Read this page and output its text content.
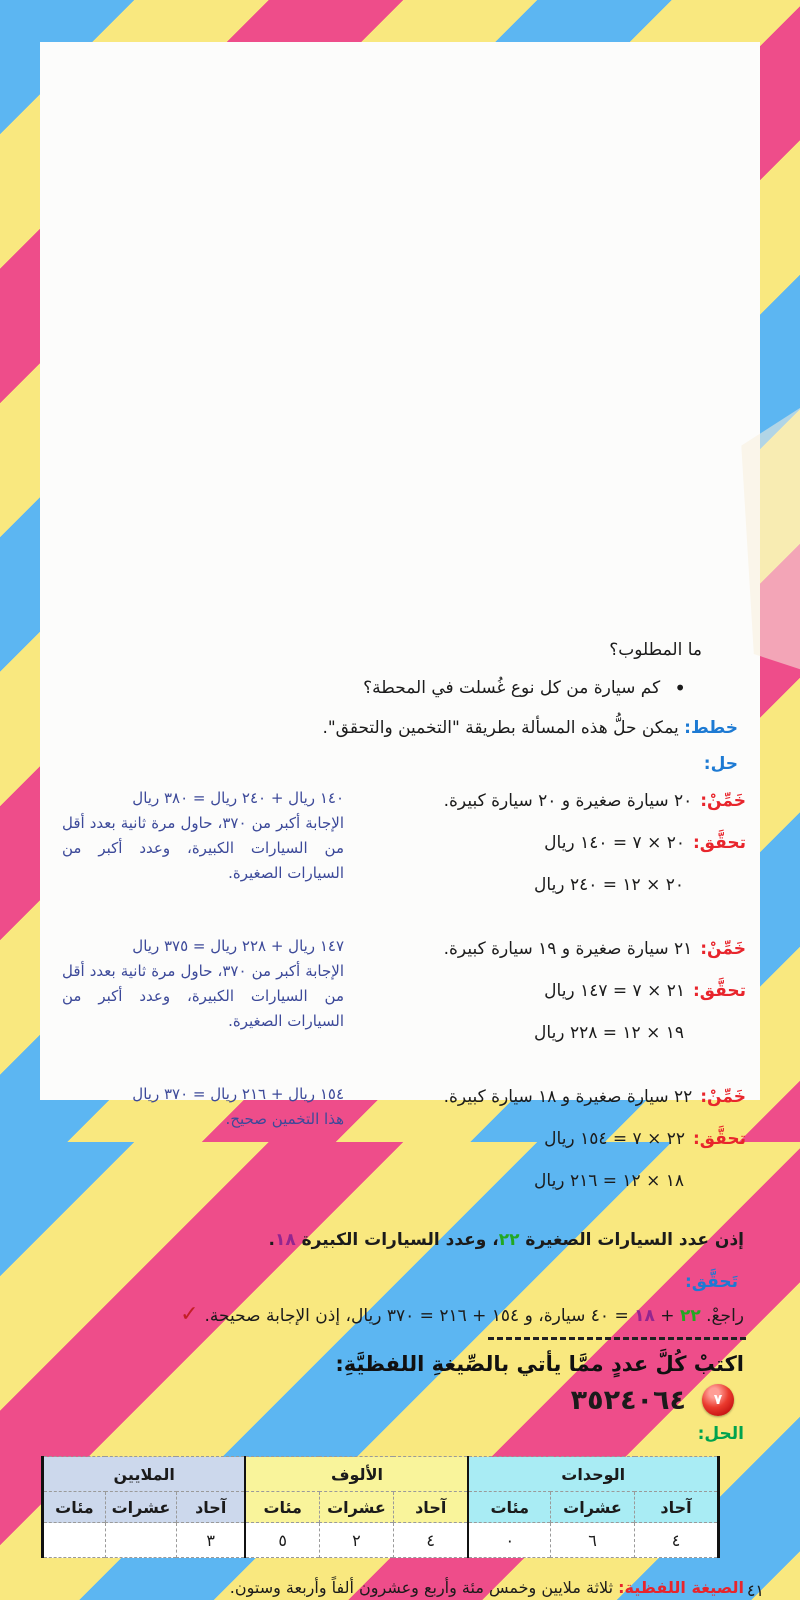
ما المطلوب؟
•كم سيارة من كل نوع غُسلت في المحطة؟
خطط: يمكن حلُّ هذه المسألة بطريقة "التخمين والتحقق".
حل:
خَمِّنْ:٢٠ سيارة صغيرة و ٢٠ سيارة كبيرة.
تحقَّق:٢٠ × ٧ = ١٤٠ ريال
٢٠ × ١٢ = ٢٤٠ ريال
١٤٠ ريال + ٢٤٠ ريال = ٣٨٠ ريال
الإجابة أكبر من ٣٧٠، حاول مرة ثانية بعدد أقل من السيارات الكبيرة، وعدد أكبر من السيارات الصغيرة.
خَمِّنْ:٢١ سيارة صغيرة و ١٩ سيارة كبيرة.
تحقَّق:٢١ × ٧ = ١٤٧ ريال
١٩ × ١٢ = ٢٢٨ ريال
١٤٧ ريال + ٢٢٨ ريال = ٣٧٥ ريال
الإجابة أكبر من ٣٧٠، حاول مرة ثانية بعدد أقل من السيارات الكبيرة، وعدد أكبر من السيارات الصغيرة.
خَمِّنْ:٢٢ سيارة صغيرة و ١٨ سيارة كبيرة.
تحقَّق:٢٢ × ٧ = ١٥٤ ريال
١٨ × ١٢ = ٢١٦ ريال
١٥٤ ريال + ٢١٦ ريال = ٣٧٠ ريال
هذا التخمين صحيح.
إذن عدد السيارات الصغيرة ٢٢، وعدد السيارات الكبيرة ١٨.
تَحقَّق:
راجعْ. ٢٢ + ١٨ = ٤٠ سيارة، و ١٥٤ + ٢١٦ = ٣٧٠ ريال، إذن الإجابة صحيحة.✓
اكتبْ كُلَّ عددٍ ممَّا يأتي بالصِّيغةِ اللفظيَّةِ:
٧
٣٥٢٤٠٦٤
الحل:
الوحدات			الألوف			الملايين		
آحاد	عشرات	مئات	آحاد	عشرات	مئات	آحاد	عشرات	مئات
٤	٦	٠	٤	٢	٥	٣		
الصيغة اللفظية: ثلاثة ملايين وخمس مئة وأربع وعشرون ألفاً وأربعة وستون.	٤١
